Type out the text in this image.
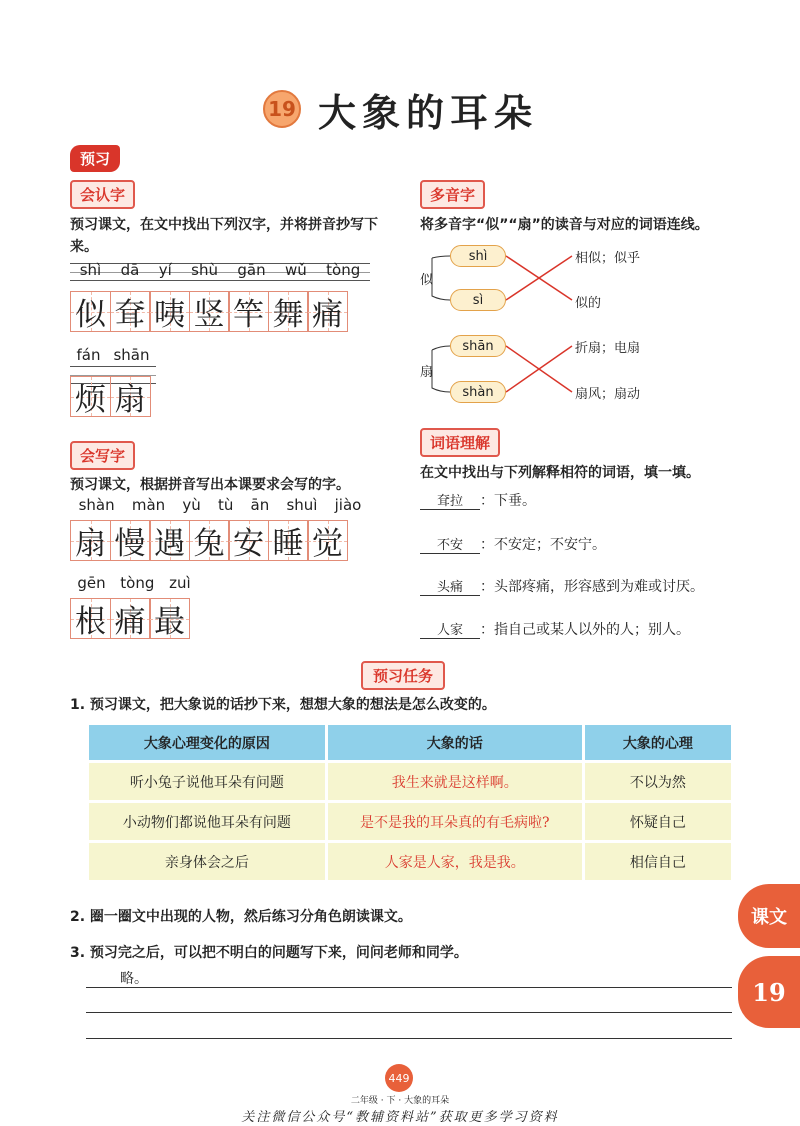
19 大象的耳朵
预习
会认字
预习课文，在文中找出下列汉字，并将拼音抄写下来。
shì dā yí shù gān wǔ tòng
似 耷 咦 竖 竿 舞 痛
fán shān
烦 扇
会写字
预习课文，根据拼音写出本课要求会写的字。
shàn màn yù tù ān shuì jiào
扇 慢 遇 兔 安 睡 觉
gēn tòng zuì
根 痛 最
多音字
将多音字“似”“扇”的读音与对应的词语连线。
似
shì
sì
相似；似乎
似的
扇
shān
shàn
折扇；电扇
扇风；扇动
词语理解
在文中找出与下列解释相符的词语，填一填。
耷拉 ：下垂。
不安 ：不安定；不安宁。
头痛 ：头部疼痛，形容感到为难或讨厌。
人家 ：指自己或某人以外的人；别人。
预习任务
1. 预习课文，把大象说的话抄下来，想想大象的想法是怎么改变的。
大象心理变化的原因	大象的话	大象的心理
听小兔子说他耳朵有问题	我生来就是这样啊。	不以为然
小动物们都说他耳朵有问题	是不是我的耳朵真的有毛病啦?	怀疑自己
亲身体会之后	人家是人家，我是我。	相信自己
2. 圈一圈文中出现的人物，然后练习分角色朗读课文。
3. 预习完之后，可以把不明白的问题写下来，问问老师和同学。
略。
课文
19
449
二年级 · 下 · 大象的耳朵
关注微信公众号“教辅资料站”获取更多学习资料
